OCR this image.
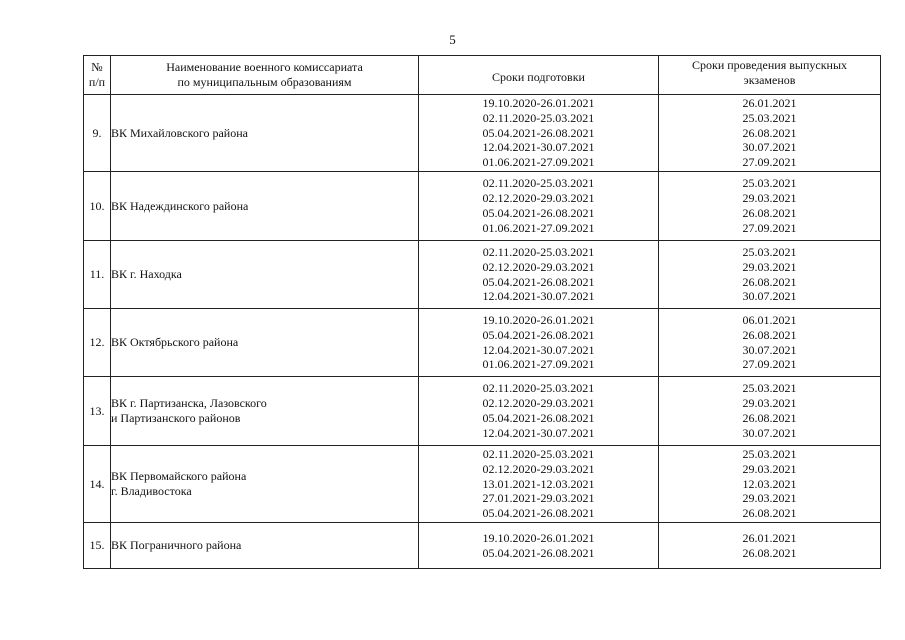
5
№
п/п	Наименование военного комиссариата
по муниципальным образованиям	Сроки подготовки	Сроки проведения выпускных
экзаменов

9.	ВК Михайловского района	19.10.2020-26.01.2021
02.11.2020-25.03.2021
05.04.2021-26.08.2021
12.04.2021-30.07.2021
01.06.2021-27.09.2021	26.01.2021
25.03.2021
26.08.2021
30.07.2021
27.09.2021

10.	ВК Надеждинского района	02.11.2020-25.03.2021
02.12.2020-29.03.2021
05.04.2021-26.08.2021
01.06.2021-27.09.2021	25.03.2021
29.03.2021
26.08.2021
27.09.2021

11.	ВК г. Находка	02.11.2020-25.03.2021
02.12.2020-29.03.2021
05.04.2021-26.08.2021
12.04.2021-30.07.2021	25.03.2021
29.03.2021
26.08.2021
30.07.2021

12.	ВК Октябрьского района	19.10.2020-26.01.2021
05.04.2021-26.08.2021
12.04.2021-30.07.2021
01.06.2021-27.09.2021	06.01.2021
26.08.2021
30.07.2021
27.09.2021

13.	ВК г. Партизанска, Лазовского
и Партизанского районов	02.11.2020-25.03.2021
02.12.2020-29.03.2021
05.04.2021-26.08.2021
12.04.2021-30.07.2021	25.03.2021
29.03.2021
26.08.2021
30.07.2021

14.	ВК Первомайского района
г. Владивостока	02.11.2020-25.03.2021
02.12.2020-29.03.2021
13.01.2021-12.03.2021
27.01.2021-29.03.2021
05.04.2021-26.08.2021	25.03.2021
29.03.2021
12.03.2021
29.03.2021
26.08.2021

15.	ВК Пограничного района	19.10.2020-26.01.2021
05.04.2021-26.08.2021	26.01.2021
26.08.2021
